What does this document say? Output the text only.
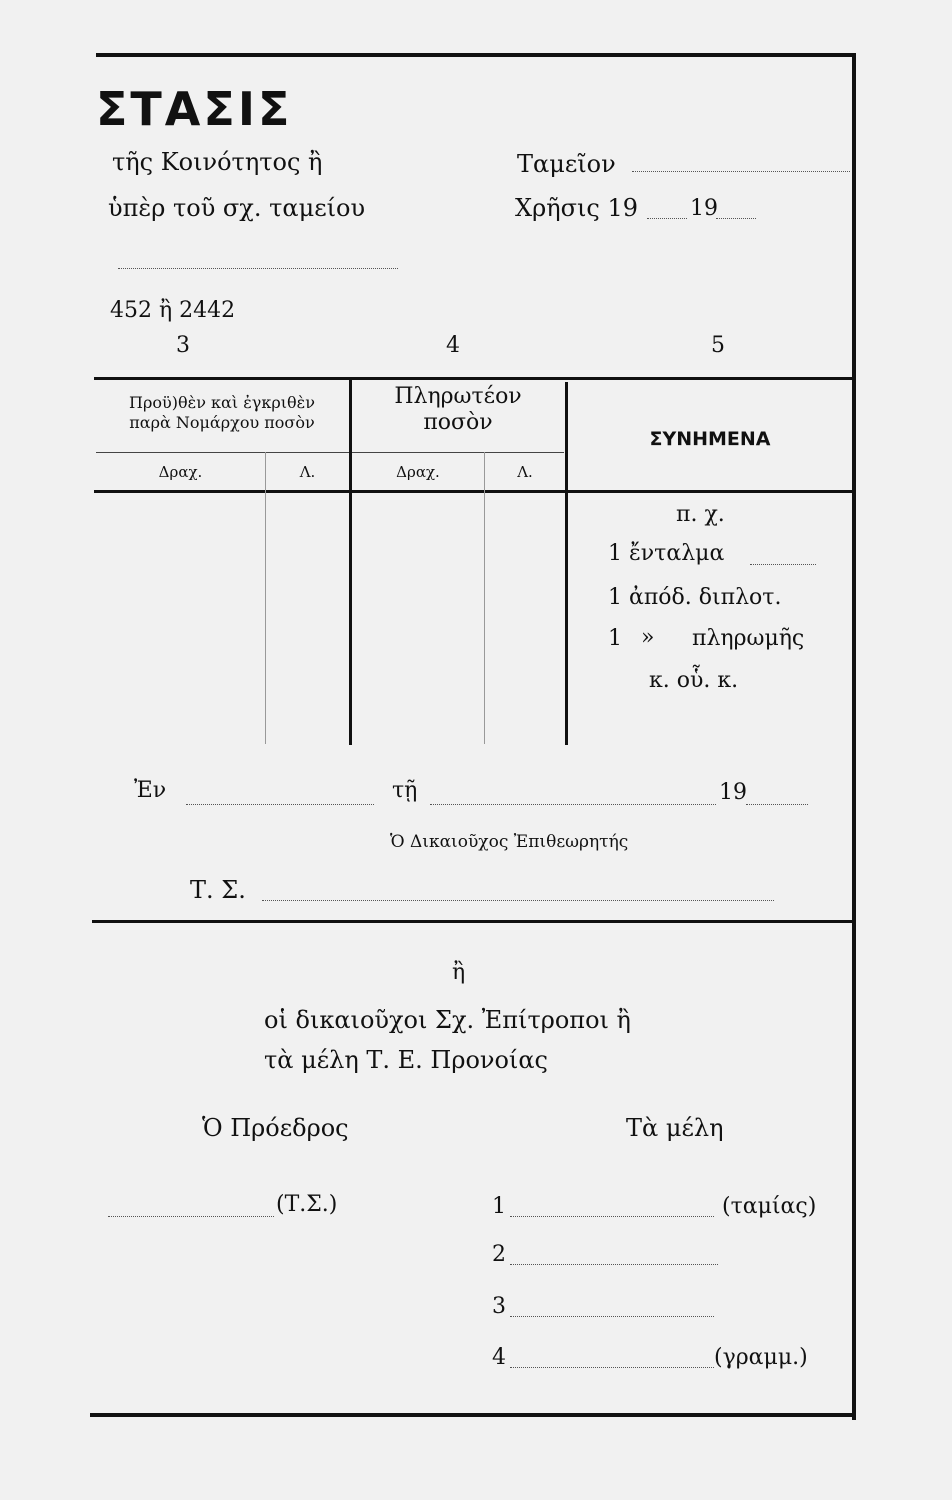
ΣΤΑΣΙΣ
τῆς Κοινότητος ἢ
ὑπὲρ τοῦ σχ. ταμείου
Ταμεῖον
Χρῆσις 19 19
452 ἢ 2442
3	4	5
Προϋ)θὲν καὶ ἐγκριθὲν
παρὰ Νομάρχου ποσὸν
Πληρωτέον
ποσὸν
Δραχ.	Λ.	Δραχ.	Λ.
ΣΥΝΗΜΕΝΑ
π. χ.
1 ἔνταλμα
1 ἀπόδ. διπλοτ.
1 » πληρωμῆς
κ. οὗ. κ.
Ἐν	τῇ	19
Ὁ Δικαιοῦχος Ἐπιθεωρητής
Τ. Σ.
ἢ
οἱ δικαιοῦχοι Σχ. Ἐπίτροποι ἢ
τὰ μέλη Τ. Ε. Προνοίας
Ὁ Πρόεδρος	Τὰ μέλη
(Τ.Σ.)	1	(ταμίας)
2
3
4	(γραμμ.)
